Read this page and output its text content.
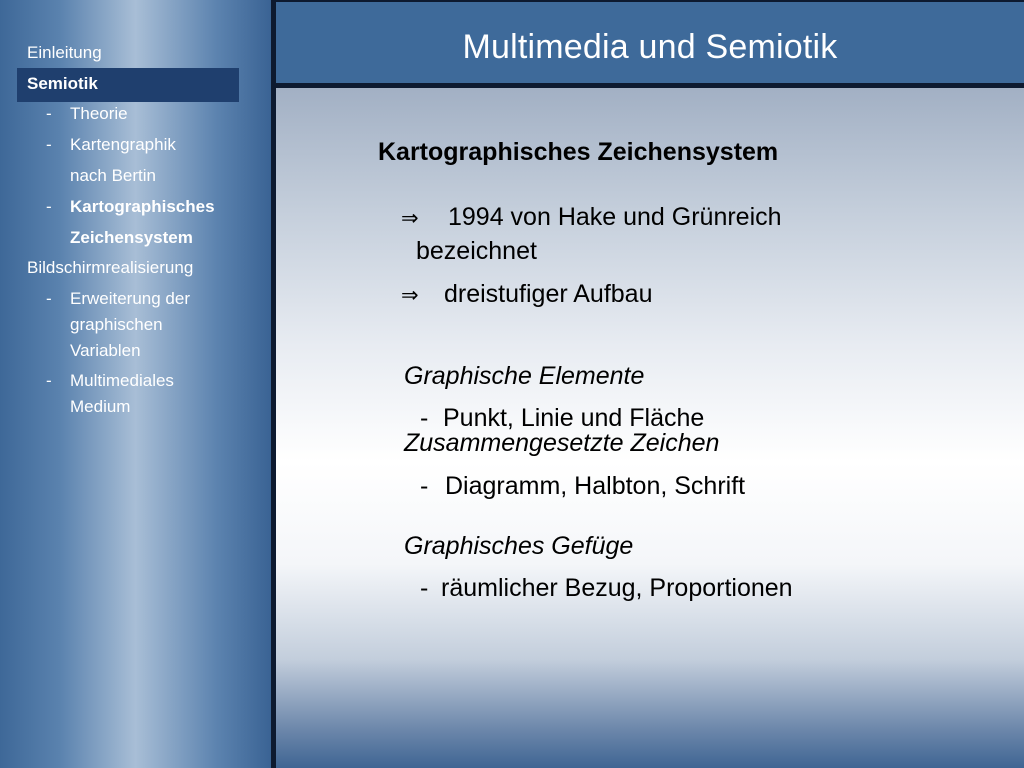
Multimedia und Semiotik
Einleitung
Semiotik
- Theorie
- Kartengraphik
nach Bertin
- Kartographisches
Zeichensystem
Bildschirmrealisierung
- Erweiterung der
graphischen
Variablen
- Multimediales
Medium
Kartographisches Zeichensystem
⇒ 1994 von Hake und Grünreich
bezeichnet
⇒ dreistufiger Aufbau
Graphische Elemente
- Punkt, Linie und Fläche
Zusammengesetzte Zeichen
- Diagramm, Halbton, Schrift
Graphisches Gefüge
- räumlicher Bezug, Proportionen
